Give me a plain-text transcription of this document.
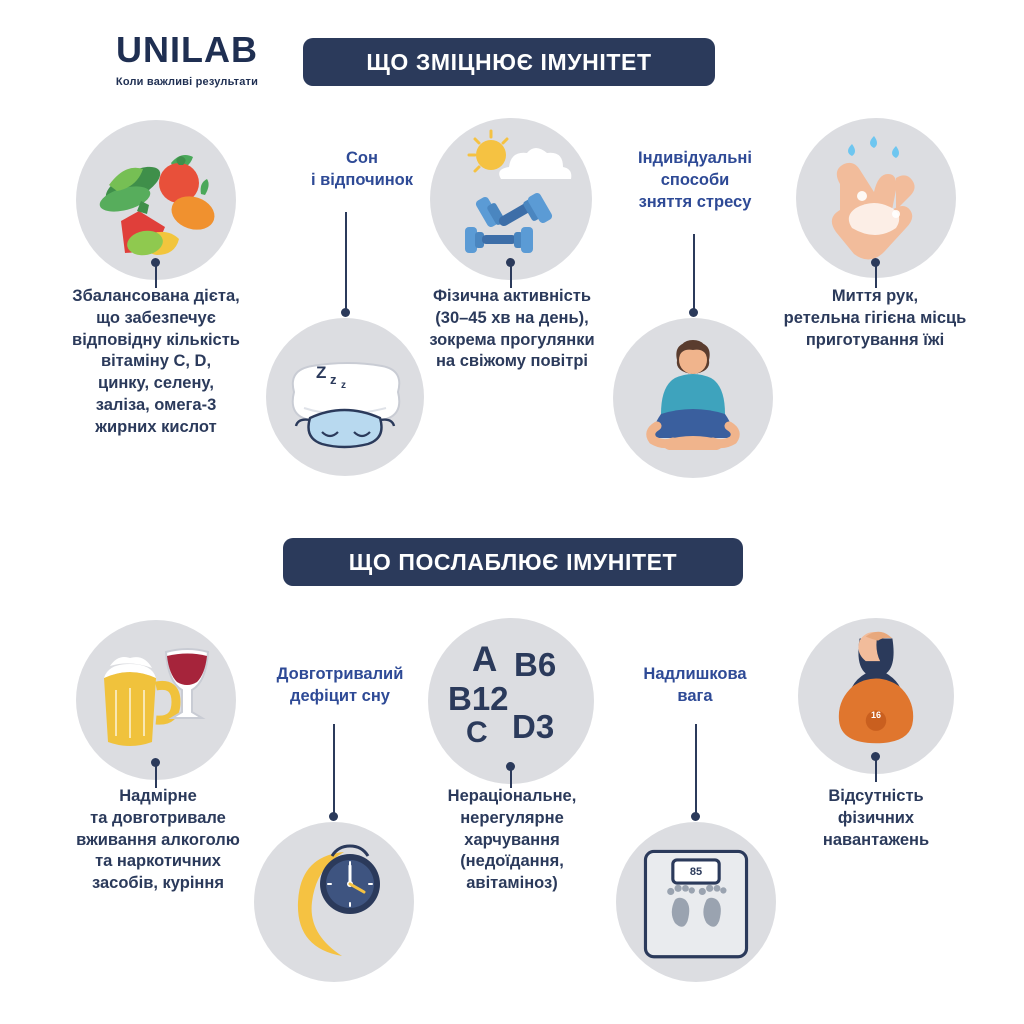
UNILAB
Коли важливі результати
ЩО ЗМІЦНЮЄ ІМУНІТЕТ
Збалансована дієта,
що забезпечує
відповідну кількість
вітаміну C, D,
цинку, селену,
заліза, омега-3
жирних кислот
Сон
і відпочинок
Z z z
Фізична активність
(30–45 хв на день),
зокрема прогулянки
на свіжому повітрі
Індивідуальні
способи
зняття стресу
Миття рук,
ретельна гігієна місць
приготування їжі
ЩО ПОСЛАБЛЮЄ ІМУНІТЕТ
Надмірне
та довготривале
вживання алкоголю
та наркотичних
засобів, куріння
Довготривалий
дефіцит сну
A B6
B12
C D3
Нераціональне,
нерегулярне
харчування
(недоїдання,
авітаміноз)
Надлишкова
вага
85
16
Відсутність
фізичних
навантажень
